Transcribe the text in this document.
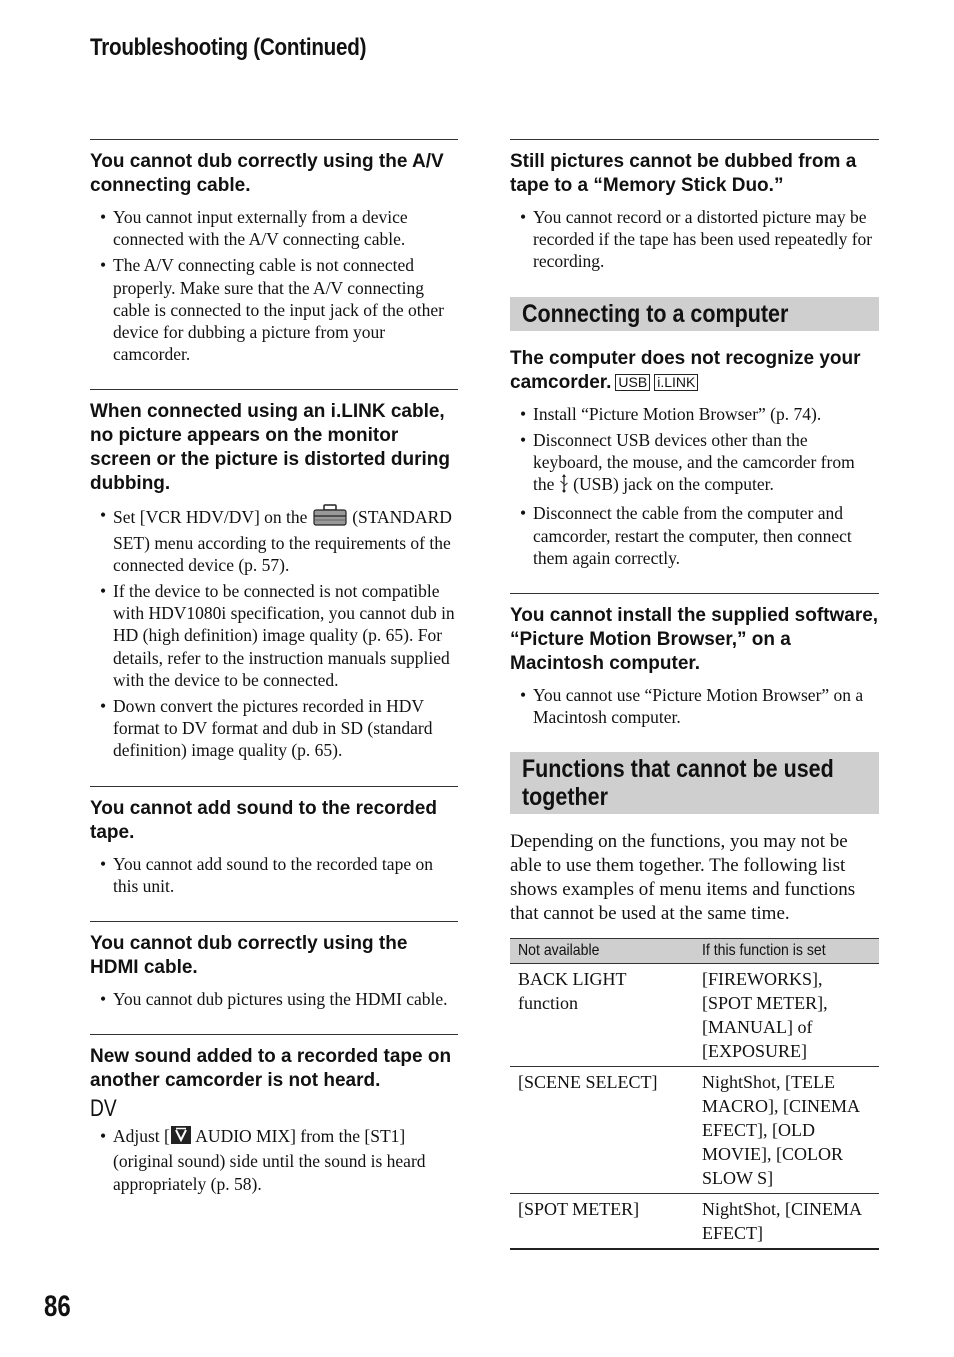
Troubleshooting (Continued)
You cannot dub correctly using the A/V connecting cable.
• You cannot input externally from a device connected with the A/V connecting cable.
• The A/V connecting cable is not connected properly. Make sure that the A/V connecting cable is connected to the input jack of the other device for dubbing a picture from your camcorder.
When connected using an i.LINK cable, no picture appears on the monitor screen or the picture is distorted during dubbing.
• Set [VCR HDV/DV] on the	(STANDARD SET) menu according to the requirements of the connected device (p. 57).
• If the device to be connected is not compatible with HDV1080i specification, you cannot dub in HD (high definition) image quality (p. 65). For details, refer to the instruction manuals supplied with the device to be connected.
• Down convert the pictures recorded in HDV format to DV format and dub in SD (standard definition) image quality (p. 65).
You cannot add sound to the recorded tape.
• You cannot add sound to the recorded tape on this unit.
You cannot dub correctly using the HDMI cable.
• You cannot dub pictures using the HDMI cable.
New sound added to a recorded tape on another camcorder is not heard.
DV
• Adjust [ AUDIO MIX] from the [ST1] (original sound) side until the sound is heard appropriately (p. 58).
Still pictures cannot be dubbed from a tape to a “Memory Stick Duo.”
• You cannot record or a distorted picture may be recorded if the tape has been used repeatedly for recording.
Connecting to a computer
The computer does not recognize your camcorder. USB i.LINK
• Install “Picture Motion Browser” (p. 74).
• Disconnect USB devices other than the keyboard, the mouse, and the camcorder from the (USB) jack on the computer.
• Disconnect the cable from the computer and camcorder, restart the computer, then connect them again correctly.
You cannot install the supplied software, “Picture Motion Browser,” on a Macintosh computer.
• You cannot use “Picture Motion Browser” on a Macintosh computer.
Functions that cannot be used
together

Depending on the functions, you may not be able to use them together. The following list shows examples of menu items and functions that cannot be used at the same time.

Not available	If this function is set
BACK LIGHT function	[FIREWORKS], [SPOT METER], [MANUAL] of [EXPOSURE]
[SCENE SELECT]	NightShot, [TELE MACRO], [CINEMA EFECT], [OLD MOVIE], [COLOR SLOW S]
[SPOT METER]	NightShot, [CINEMA EFECT]
86
